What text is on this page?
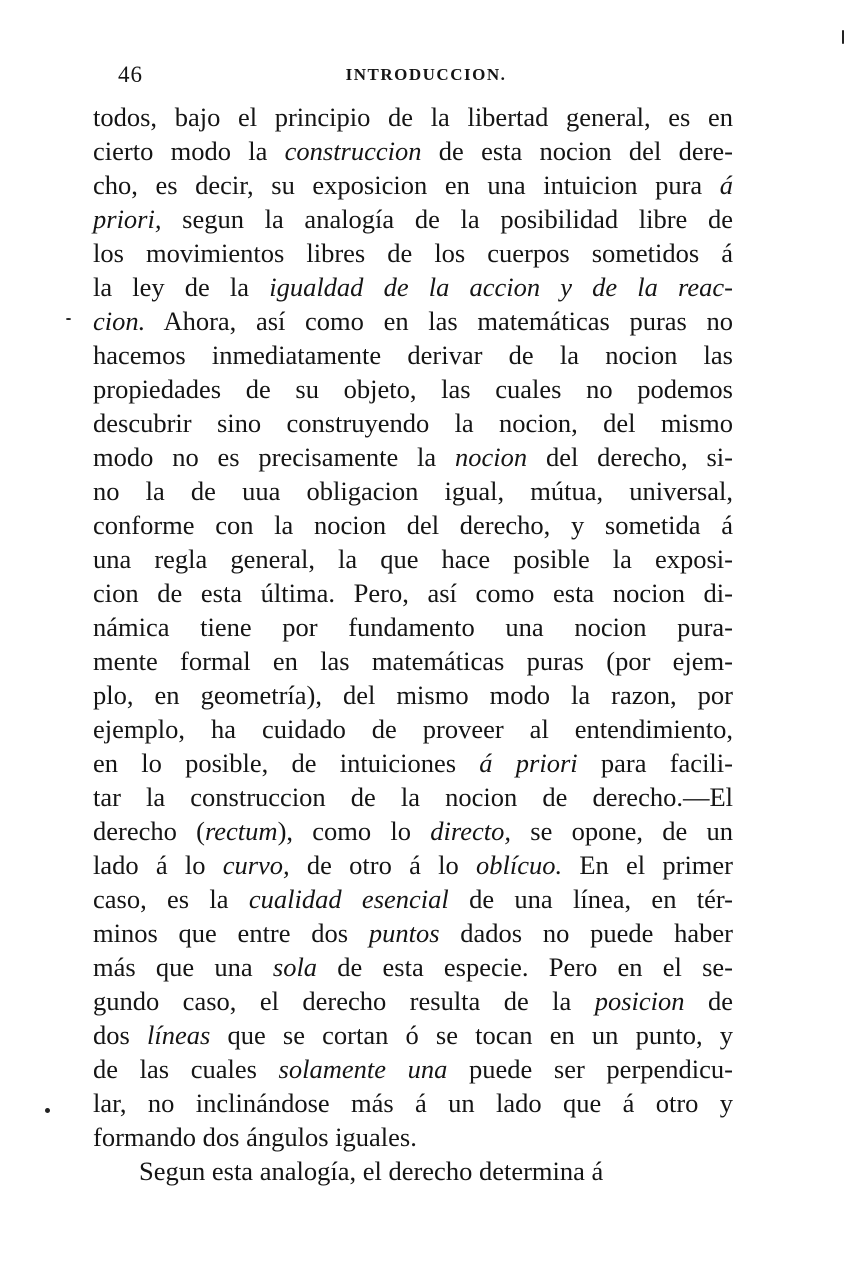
46	INTRODUCCION.
todos, bajo el principio de la libertad general, es en
cierto modo la construccion de esta nocion del dere-
cho, es decir, su exposicion en una intuicion pura á
priori, segun la analogía de la posibilidad libre de
los movimientos libres de los cuerpos sometidos á
la ley de la igualdad de la accion y de la reac-
cion. Ahora, así como en las matemáticas puras no
hacemos inmediatamente derivar de la nocion las
propiedades de su objeto, las cuales no podemos
descubrir sino construyendo la nocion, del mismo
modo no es precisamente la nocion del derecho, si-
no la de uua obligacion igual, mútua, universal,
conforme con la nocion del derecho, y sometida á
una regla general, la que hace posible la exposi-
cion de esta última. Pero, así como esta nocion di-
námica tiene por fundamento una nocion pura-
mente formal en las matemáticas puras (por ejem-
plo, en geometría), del mismo modo la razon, por
ejemplo, ha cuidado de proveer al entendimiento,
en lo posible, de intuiciones á priori para facili-
tar la construccion de la nocion de derecho.—El
derecho (rectum), como lo directo, se opone, de un
lado á lo curvo, de otro á lo oblícuo. En el primer
caso, es la cualidad esencial de una línea, en tér-
minos que entre dos puntos dados no puede haber
más que una sola de esta especie. Pero en el se-
gundo caso, el derecho resulta de la posicion de
dos líneas que se cortan ó se tocan en un punto, y
de las cuales solamente una puede ser perpendicu-
lar, no inclinándose más á un lado que á otro y
formando dos ángulos iguales.
Segun esta analogía, el derecho determina á
